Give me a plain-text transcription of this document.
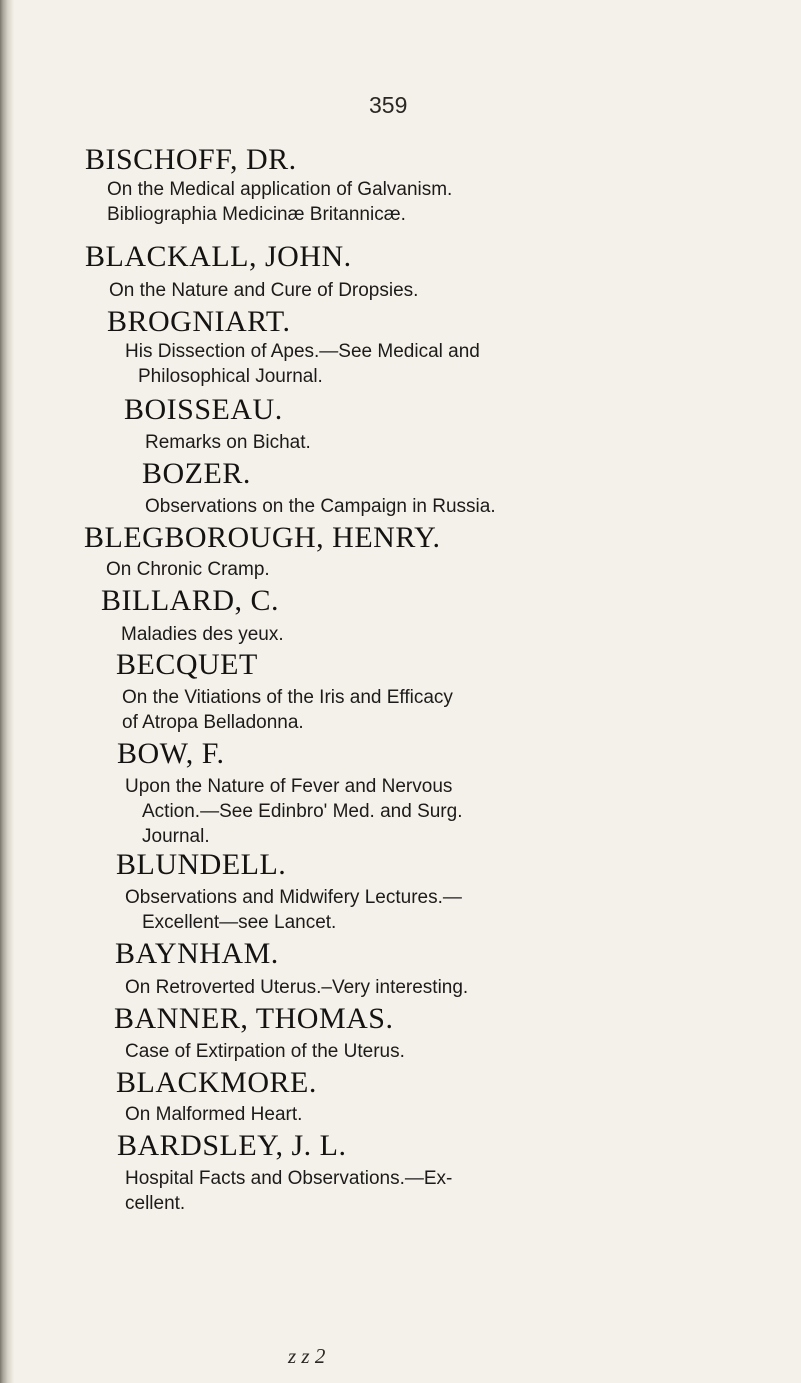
359
BISCHOFF, DR.
On the Medical application of Galvanism.
Bibliographia Medicinæ Britannicæ.
BLACKALL, JOHN.
On the Nature and Cure of Dropsies.
BROGNIART.
His Dissection of Apes.—See Medical and
Philosophical Journal.
BOISSEAU.
Remarks on Bichat.
BOZER.
Observations on the Campaign in Russia.
BLEGBOROUGH, HENRY.
On Chronic Cramp.
BILLARD, C.
Maladies des yeux.
BECQUET
On the Vitiations of the Iris and Efficacy
of Atropa Belladonna.
BOW, F.
Upon the Nature of Fever and Nervous
Action.—See Edinbro' Med. and Surg.
Journal.
BLUNDELL.
Observations and Midwifery Lectures.—
Excellent—see Lancet.
BAYNHAM.
On Retroverted Uterus.–Very interesting.
BANNER, THOMAS.
Case of Extirpation of the Uterus.
BLACKMORE.
On Malformed Heart.
BARDSLEY, J. L.
Hospital Facts and Observations.—Ex-
cellent.
z z 2
